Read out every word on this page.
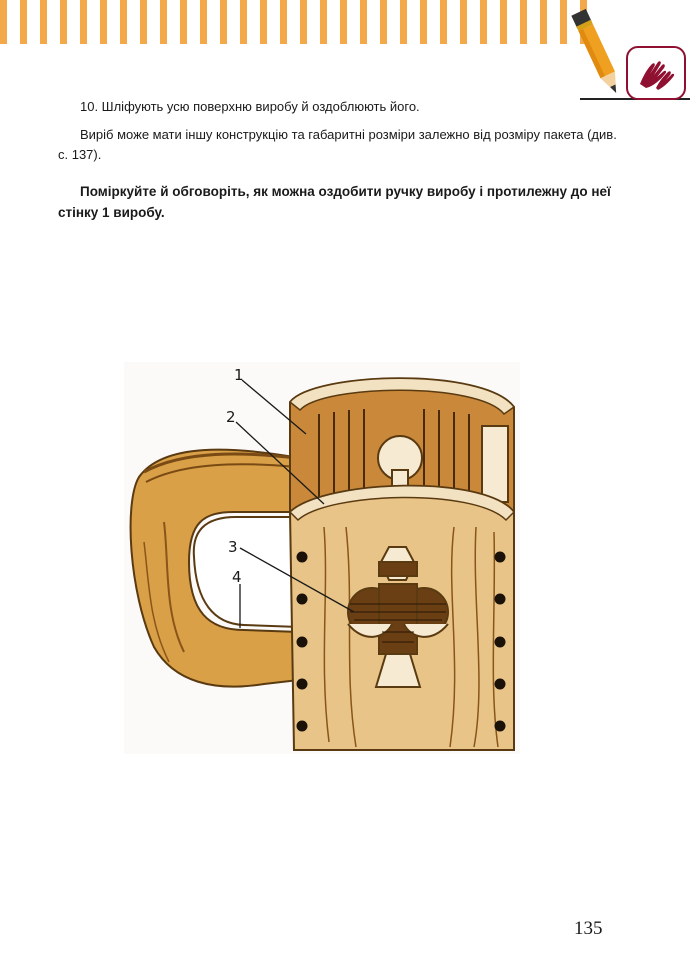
10. Шліфують усю поверхню виробу й оздоблюють його.

Виріб може мати іншу конструкцію та габаритні розміри залежно від розміру пакета (див. с. 137).

Поміркуйте й обговоріть, як можна оздобити ручку виробу і протилежну до неї стінку 1 виробу.

1
2
3
4
135
